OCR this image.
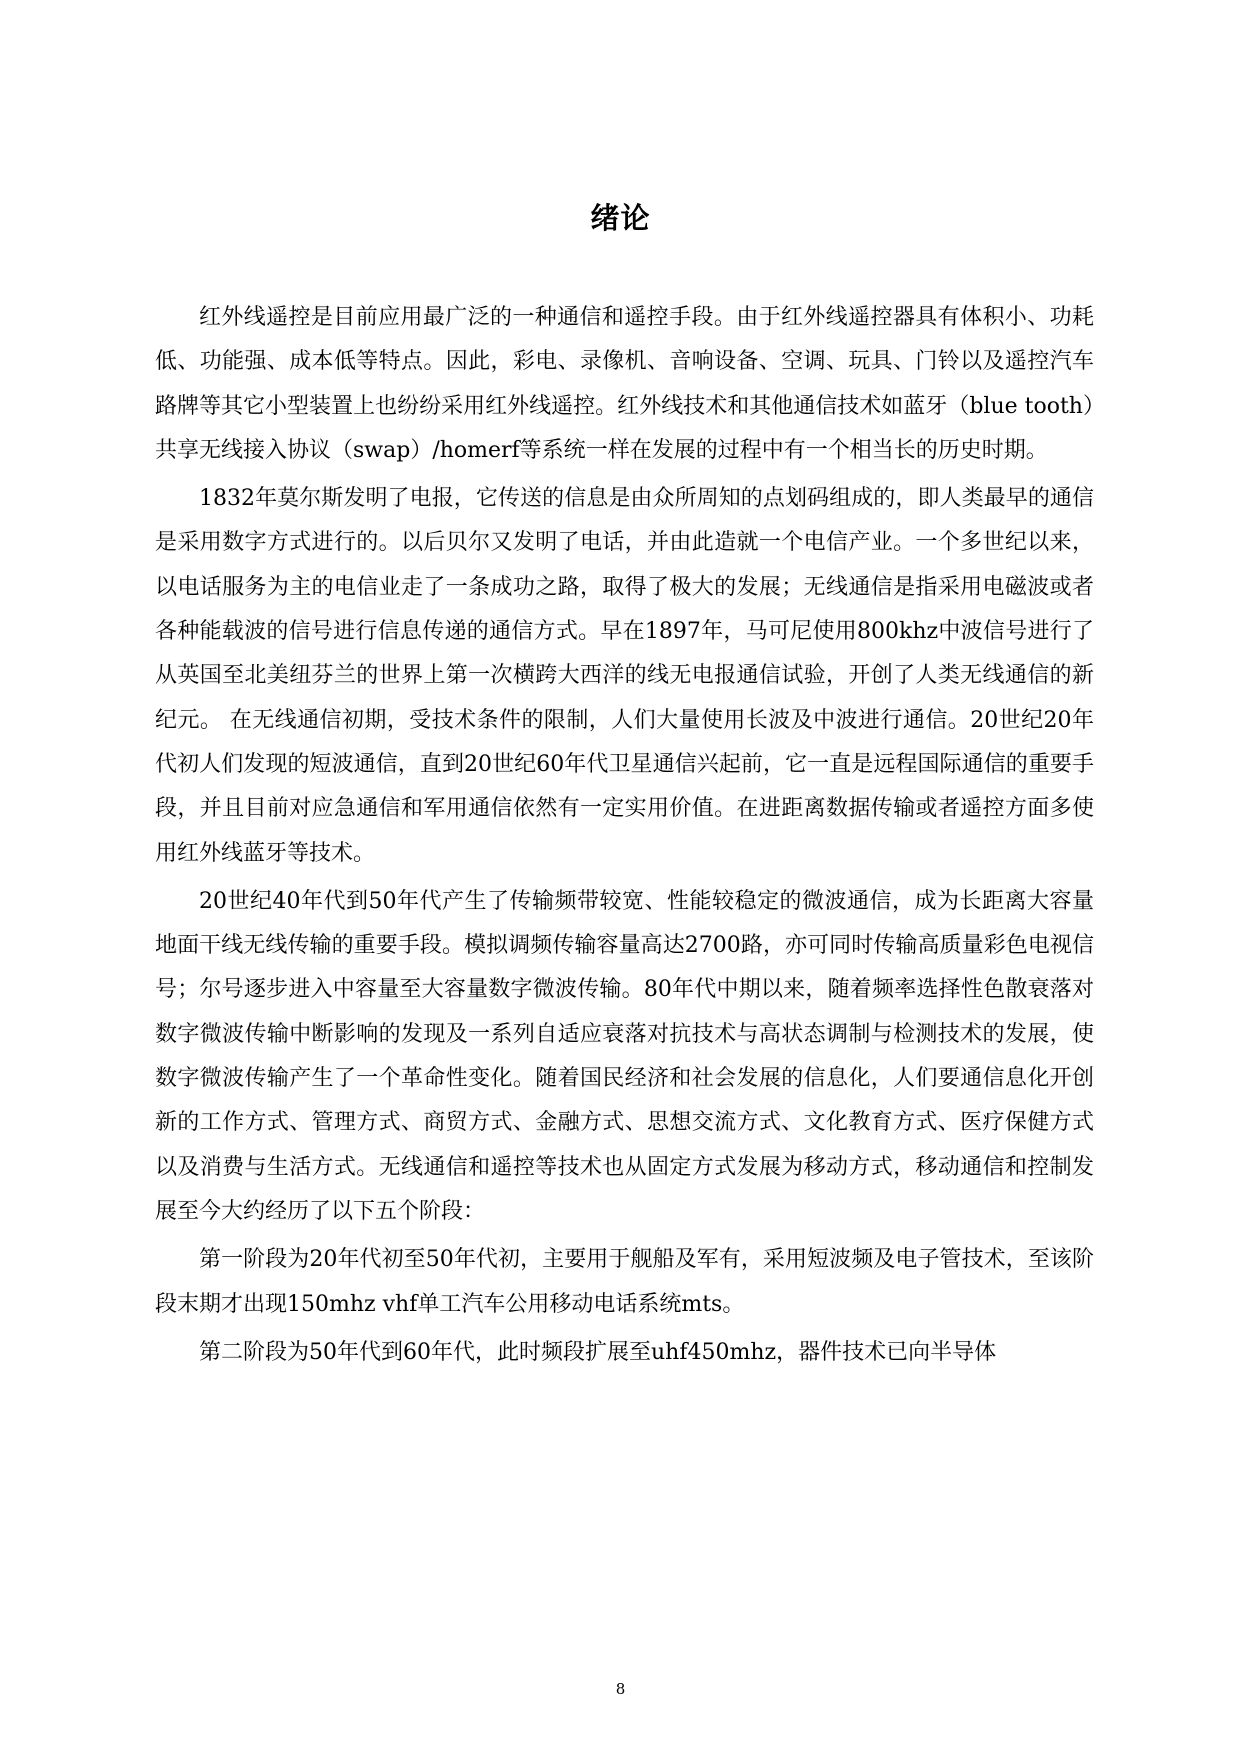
绪论

红外线遥控是目前应用最广泛的一种通信和遥控手段。由于红外线遥控器具有体积小、功耗低、功能强、成本低等特点。因此，彩电、录像机、音响设备、空调、玩具、门铃以及遥控汽车路牌等其它小型装置上也纷纷采用红外线遥控。红外线技术和其他通信技术如蓝牙（blue tooth）共享无线接入协议（swap）/homerf等系统一样在发展的过程中有一个相当长的历史时期。

1832年莫尔斯发明了电报，它传送的信息是由众所周知的点划码组成的，即人类最早的通信是采用数字方式进行的。以后贝尔又发明了电话，并由此造就一个电信产业。一个多世纪以来，以电话服务为主的电信业走了一条成功之路，取得了极大的发展；无线通信是指采用电磁波或者各种能载波的信号进行信息传递的通信方式。早在1897年，马可尼使用800khz中波信号进行了从英国至北美纽芬兰的世界上第一次横跨大西洋的线无电报通信试验，开创了人类无线通信的新纪元。 在无线通信初期，受技术条件的限制，人们大量使用长波及中波进行通信。20世纪20年代初人们发现的短波通信，直到20世纪60年代卫星通信兴起前，它一直是远程国际通信的重要手段，并且目前对应急通信和军用通信依然有一定实用价值。在进距离数据传输或者遥控方面多使用红外线蓝牙等技术。

20世纪40年代到50年代产生了传输频带较宽、性能较稳定的微波通信，成为长距离大容量地面干线无线传输的重要手段。模拟调频传输容量高达2700路，亦可同时传输高质量彩色电视信号；尔号逐步进入中容量至大容量数字微波传输。80年代中期以来，随着频率选择性色散衰落对数字微波传输中断影响的发现及一系列自适应衰落对抗技术与高状态调制与检测技术的发展，使数字微波传输产生了一个革命性变化。随着国民经济和社会发展的信息化，人们要通信息化开创新的工作方式、管理方式、商贸方式、金融方式、思想交流方式、文化教育方式、医疗保健方式以及消费与生活方式。无线通信和遥控等技术也从固定方式发展为移动方式，移动通信和控制发展至今大约经历了以下五个阶段：

第一阶段为20年代初至50年代初，主要用于舰船及军有，采用短波频及电子管技术，至该阶段末期才出现150mhz vhf单工汽车公用移动电话系统mts。

第二阶段为50年代到60年代，此时频段扩展至uhf450mhz，器件技术已向半导体

8
